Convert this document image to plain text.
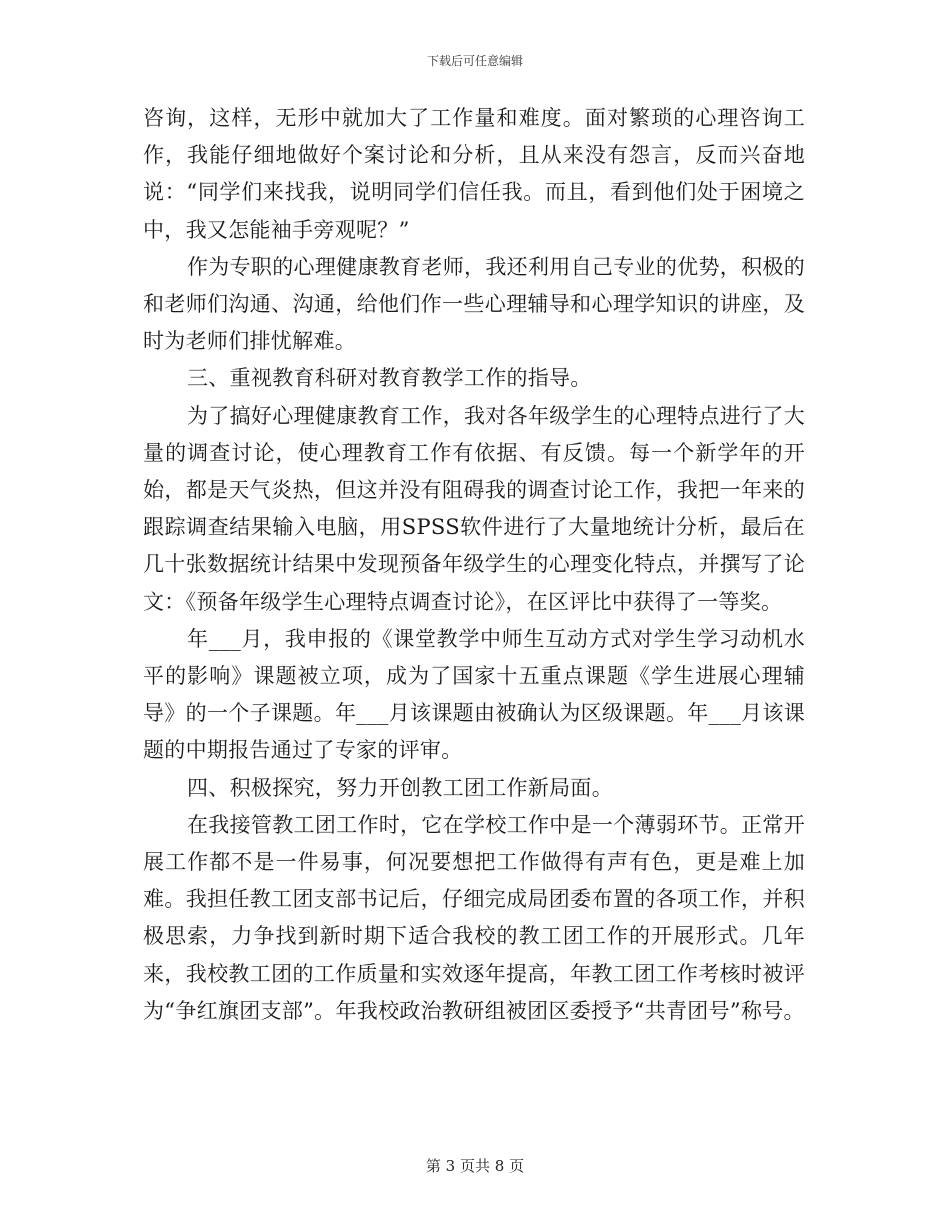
下载后可任意编辑

咨询，这样，无形中就加大了工作量和难度。面对繁琐的心理咨询工作，我能仔细地做好个案讨论和分析，且从来没有怨言，反而兴奋地说：“同学们来找我，说明同学们信任我。而且，看到他们处于困境之中，我又怎能袖手旁观呢？”

作为专职的心理健康教育老师，我还利用自己专业的优势，积极的和老师们沟通、沟通，给他们作一些心理辅导和心理学知识的讲座，及时为老师们排忧解难。

三、重视教育科研对教育教学工作的指导。

为了搞好心理健康教育工作，我对各年级学生的心理特点进行了大量的调查讨论，使心理教育工作有依据、有反馈。每一个新学年的开始，都是天气炎热，但这并没有阻碍我的调查讨论工作，我把一年来的跟踪调查结果输入电脑，用SPSS软件进行了大量地统计分析，最后在几十张数据统计结果中发现预备年级学生的心理变化特点，并撰写了论文：《预备年级学生心理特点调查讨论》，在区评比中获得了一等奖。

年___月，我申报的《课堂教学中师生互动方式对学生学习动机水平的影响》课题被立项，成为了国家十五重点课题《学生进展心理辅导》的一个子课题。年___月该课题由被确认为区级课题。年___月该课题的中期报告通过了专家的评审。

四、积极探究，努力开创教工团工作新局面。

在我接管教工团工作时，它在学校工作中是一个薄弱环节。正常开展工作都不是一件易事，何况要想把工作做得有声有色，更是难上加难。我担任教工团支部书记后，仔细完成局团委布置的各项工作，并积极思索，力争找到新时期下适合我校的教工团工作的开展形式。几年来，我校教工团的工作质量和实效逐年提高，年教工团工作考核时被评为“争红旗团支部”。年我校政治教研组被团区委授予“共青团号”称号。

第 3 页共 8 页
